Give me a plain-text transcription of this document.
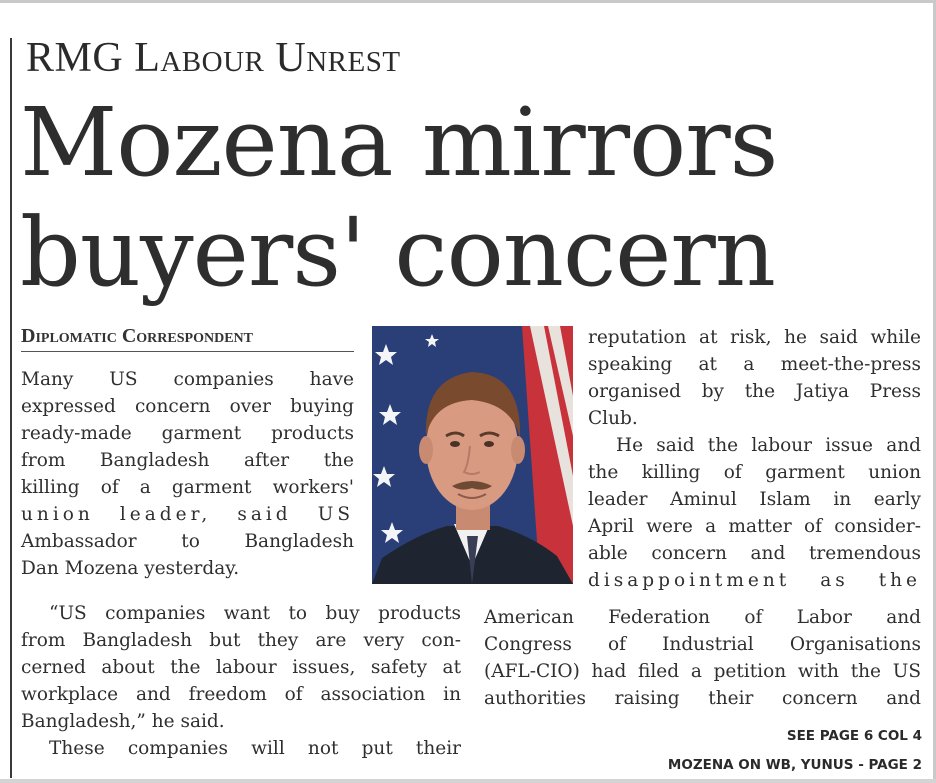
RMG Labour Unrest
Mozena mirrors
buyers' concern
Diplomatic Correspondent
Many US companies have
expressed concern over buying
ready-made garment products
from Bangladesh after the
killing of a garment workers'
union leader, said US
Ambassador to Bangladesh
Dan Mozena yesterday.
reputation at risk, he said while
speaking at a meet-the-press
organised by the Jatiya Press
Club.
He said the labour issue and
the killing of garment union
leader Aminul Islam in early
April were a matter of consider-
able concern and tremendous
disappointment as the
“US companies want to buy products
from Bangladesh but they are very con-
cerned about the labour issues, safety at
workplace and freedom of association in
Bangladesh,” he said.
These companies will not put their
American Federation of Labor and
Congress of Industrial Organisations
(AFL-CIO) had filed a petition with the US
authorities raising their concern and
SEE PAGE 6 COL 4
MOZENA ON WB, YUNUS - PAGE 2
